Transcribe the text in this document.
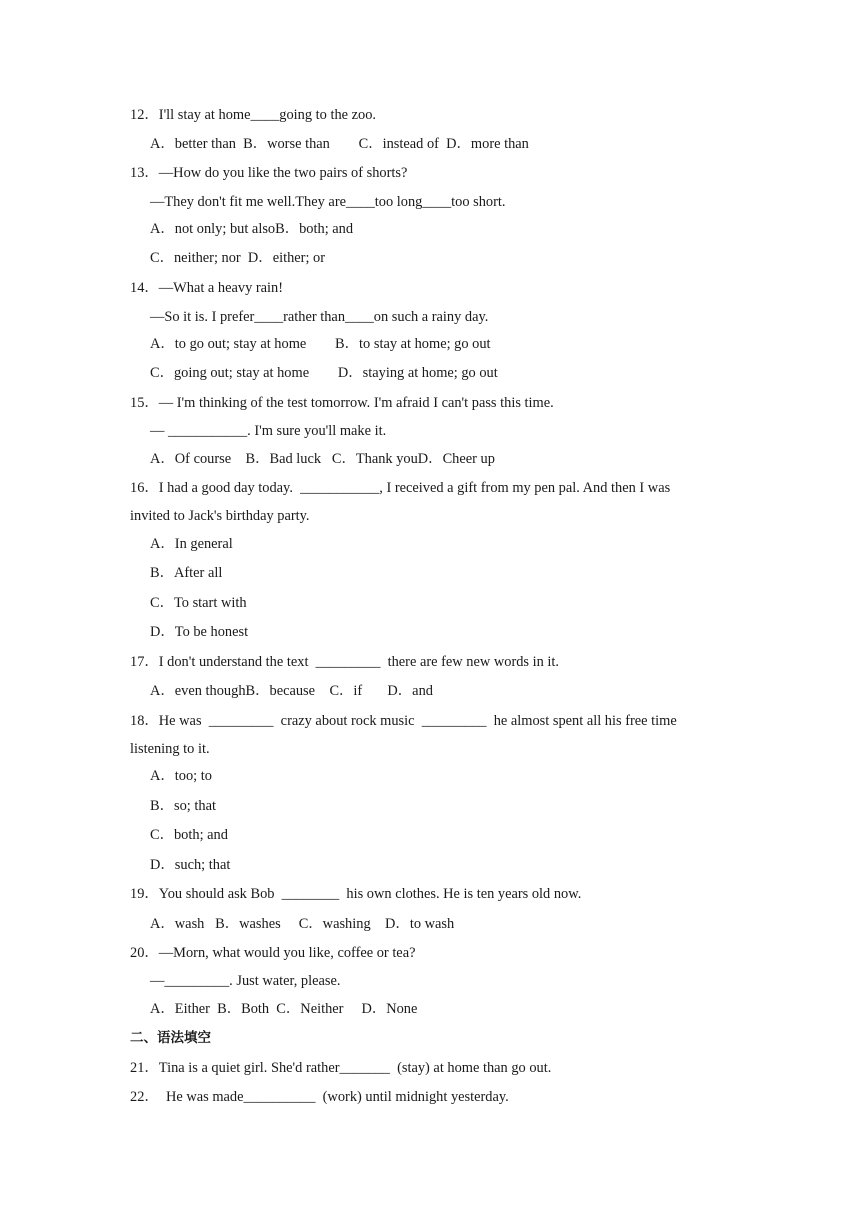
12．I'll stay at home____going to the zoo.
A．better than  B．worse than        C．instead of  D．more than
13．—How do you like the two pairs of shorts?
—They don't fit me well.They are____too long____too short.
A．not only; but alsoB．both; and
C．neither; nor  D．either; or
14．—What a heavy rain!
—So it is. I prefer____rather than____on such a rainy day.
A．to go out; stay at home        B．to stay at home; go out
C．going out; stay at home        D．staying at home; go out
15．— I'm thinking of the test tomorrow. I'm afraid I can't pass this time.
— ___________. I'm sure you'll make it.
A．Of course    B．Bad luck   C．Thank youD．Cheer up
16．I had a good day today.  ___________, I received a gift from my pen pal. And then I was
invited to Jack's birthday party.
A．In general
B．After all
C．To start with
D．To be honest
17．I don't understand the text  _________  there are few new words in it.
A．even thoughB．because    C．if       D．and
18．He was  _________  crazy about rock music  _________  he almost spent all his free time
listening to it.
A．too; to
B．so; that
C．both; and
D．such; that
19．You should ask Bob  ________  his own clothes. He is ten years old now.
A．wash   B．washes     C．washing    D．to wash
20．—Morn, what would you like, coffee or tea?
—_________. Just water, please.
A．Either  B．Both  C．Neither     D．None
二、语法填空
21．Tina is a quiet girl. She'd rather_______  (stay) at home than go out.
22．  He was made__________  (work) until midnight yesterday.
